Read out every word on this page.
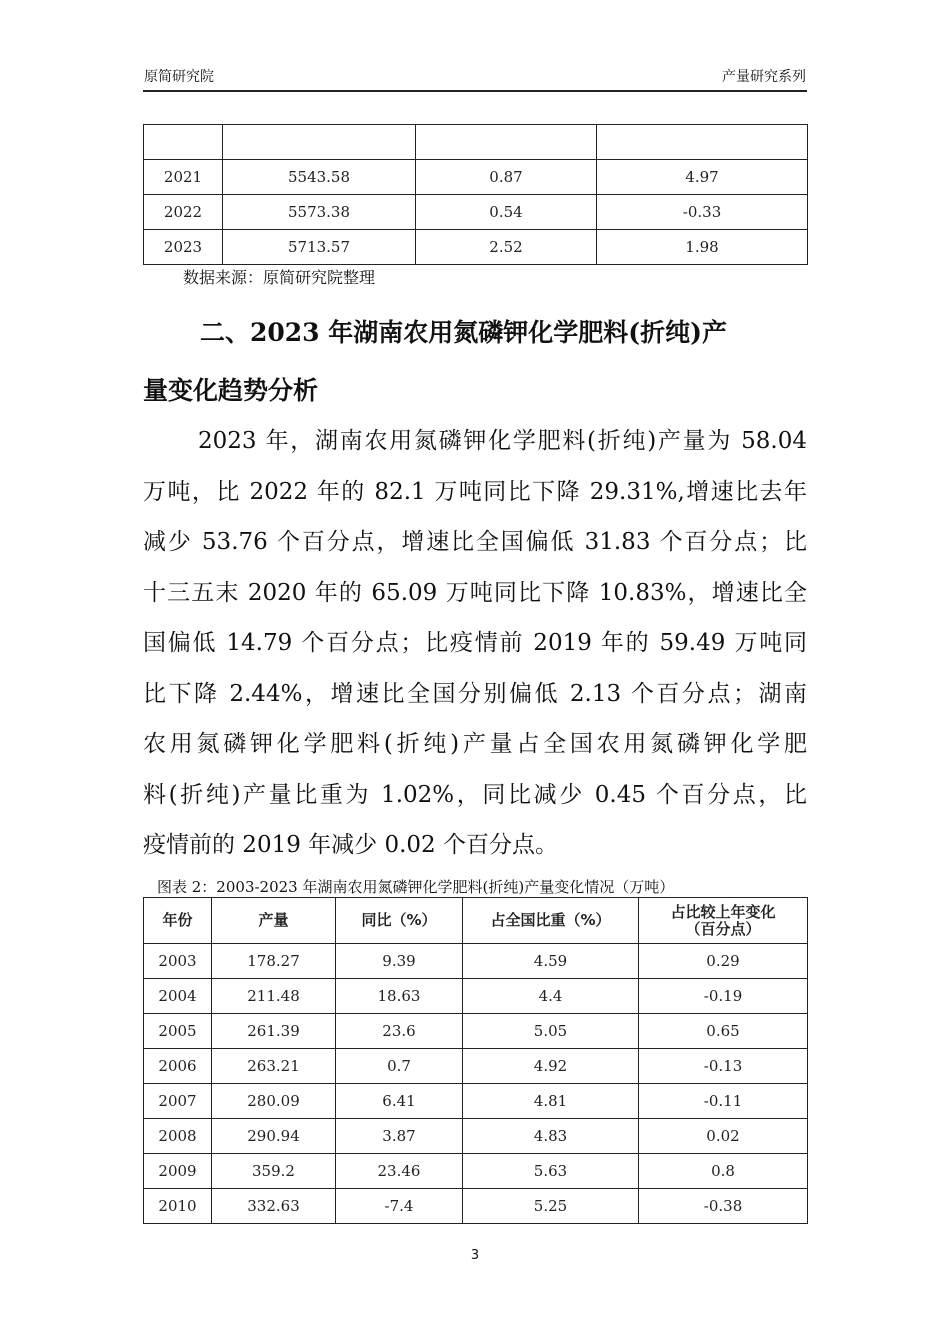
原简研究院	产量研究系列

2021	5543.58	0.87	4.97
2022	5573.38	0.54	-0.33
2023	5713.57	2.52	1.98
数据来源：原简研究院整理
二、2023 年湖南农用氮磷钾化学肥料(折纯)产
量变化趋势分析
2023 年，湖南农用氮磷钾化学肥料(折纯)产量为 58.04
万吨，比 2022 年的 82.1 万吨同比下降 29.31%,增速比去年
减少 53.76 个百分点，增速比全国偏低 31.83 个百分点；比
十三五末 2020 年的 65.09 万吨同比下降 10.83%，增速比全
国偏低 14.79 个百分点；比疫情前 2019 年的 59.49 万吨同
比下降 2.44%，增速比全国分别偏低 2.13 个百分点；湖南
农用氮磷钾化学肥料(折纯)产量占全国农用氮磷钾化学肥
料(折纯)产量比重为 1.02%，同比减少 0.45 个百分点，比
疫情前的 2019 年减少 0.02 个百分点。
图表 2：2003-2023 年湖南农用氮磷钾化学肥料(折纯)产量变化情况（万吨）
年份	产量	同比（%）	占全国比重（%）	占比较上年变化
（百分点）
2003	178.27	9.39	4.59	0.29
2004	211.48	18.63	4.4	-0.19
2005	261.39	23.6	5.05	0.65
2006	263.21	0.7	4.92	-0.13
2007	280.09	6.41	4.81	-0.11
2008	290.94	3.87	4.83	0.02
2009	359.2	23.46	5.63	0.8
2010	332.63	-7.4	5.25	-0.38
3
